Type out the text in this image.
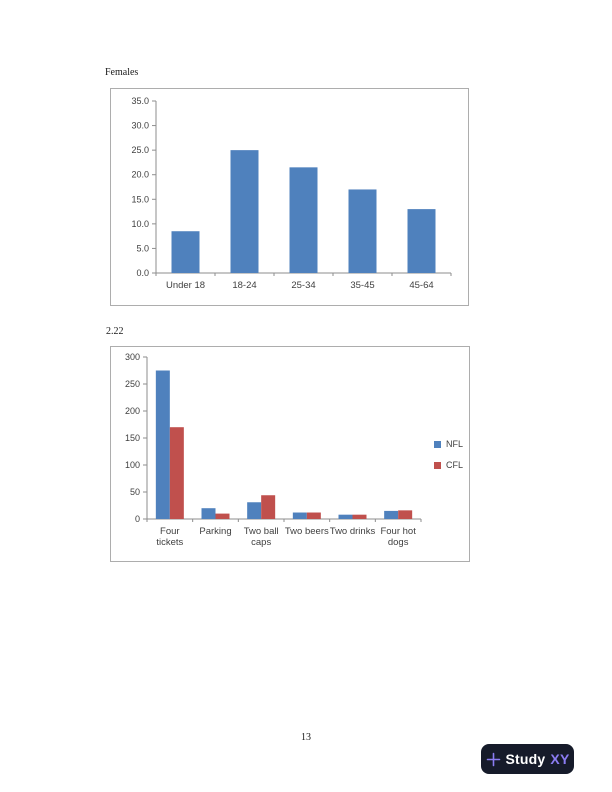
Females
0.0
5.0
10.0
15.0
20.0
25.0
30.0
35.0
Under 18	18-24	25-34	35-45	45-64
2.22
0
50
100
150
200
250
300
Four
tickets
Parking Two ball
caps
Two beers Two drinks Four hot
dogs
NFL
CFL
13
Study XY
